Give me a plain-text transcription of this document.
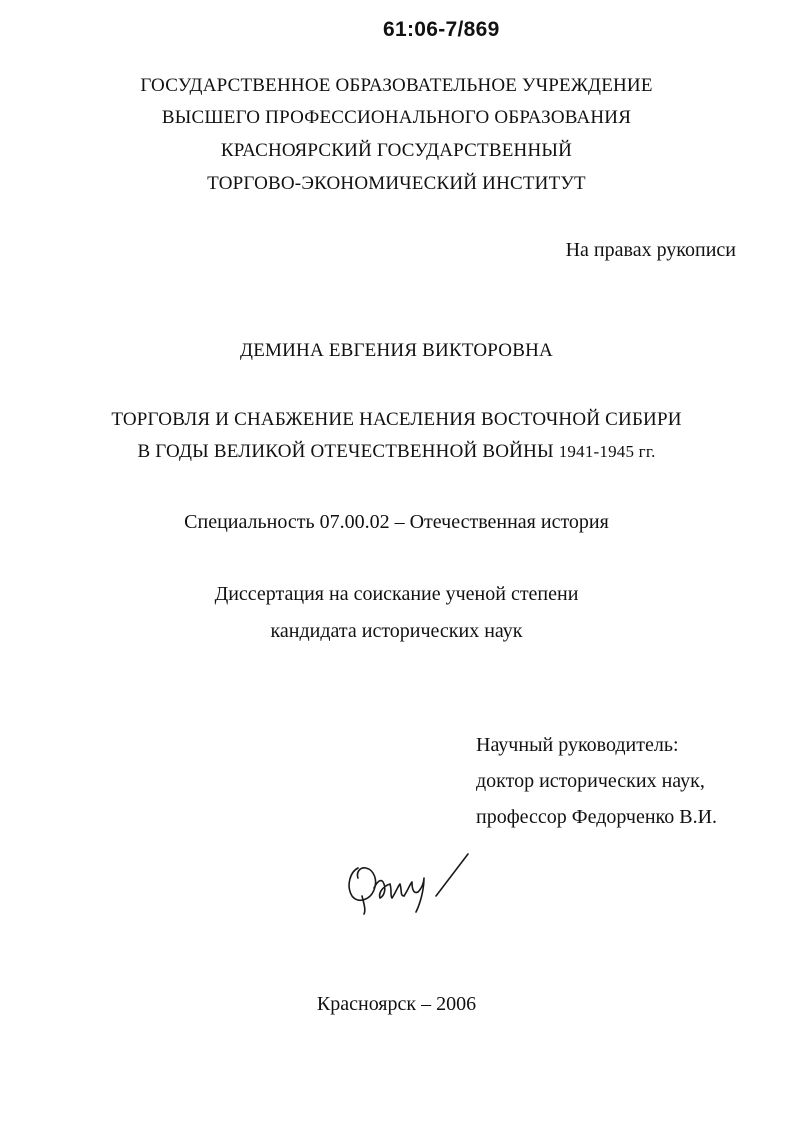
61:06-7/869
ГОСУДАРСТВЕННОЕ ОБРАЗОВАТЕЛЬНОЕ УЧРЕЖДЕНИЕ
ВЫСШЕГО ПРОФЕССИОНАЛЬНОГО ОБРАЗОВАНИЯ
КРАСНОЯРСКИЙ ГОСУДАРСТВЕННЫЙ
ТОРГОВО-ЭКОНОМИЧЕСКИЙ ИНСТИТУТ
На правах рукописи
ДЕМИНА ЕВГЕНИЯ ВИКТОРОВНА
ТОРГОВЛЯ И СНАБЖЕНИЕ НАСЕЛЕНИЯ ВОСТОЧНОЙ СИБИРИ
В ГОДЫ ВЕЛИКОЙ ОТЕЧЕСТВЕННОЙ ВОЙНЫ 1941-1945 гг.
Специальность 07.00.02 – Отечественная история
Диссертация на соискание ученой степени
кандидата исторических наук
Научный руководитель:
доктор исторических наук,
профессор Федорченко В.И.
Красноярск – 2006
